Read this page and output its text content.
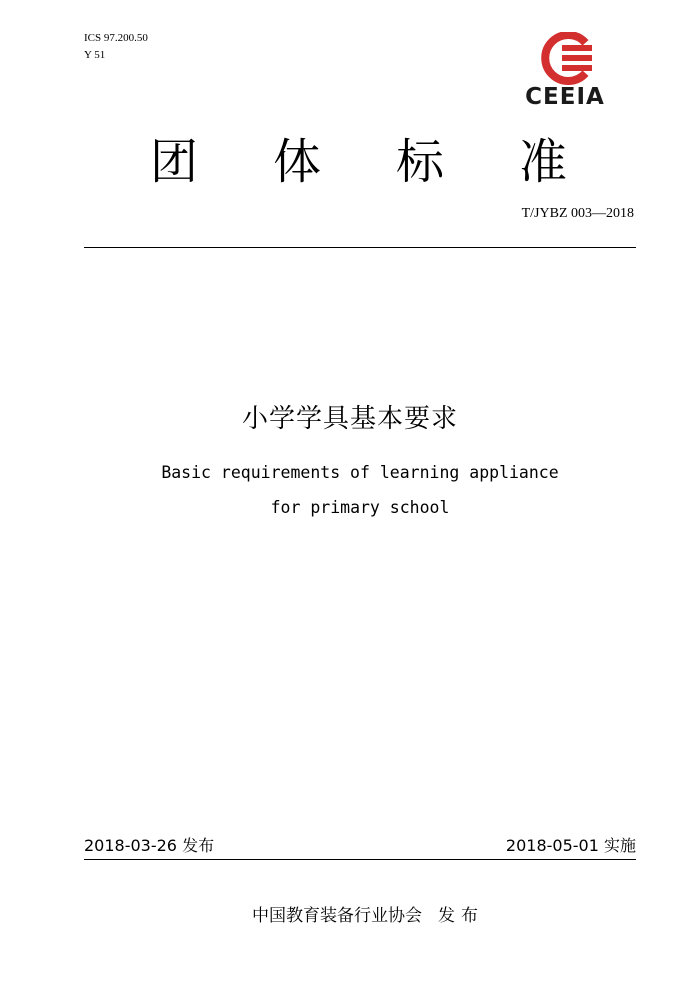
ICS 97.200.50
Y 51
CEEIA
团 体 标 准
T/JYBZ 003—2018
小学学具基本要求
Basic requirements of learning appliance
for primary school
2018-03-26 发布	2018-05-01 实施
中国教育装备行业协会 发布
